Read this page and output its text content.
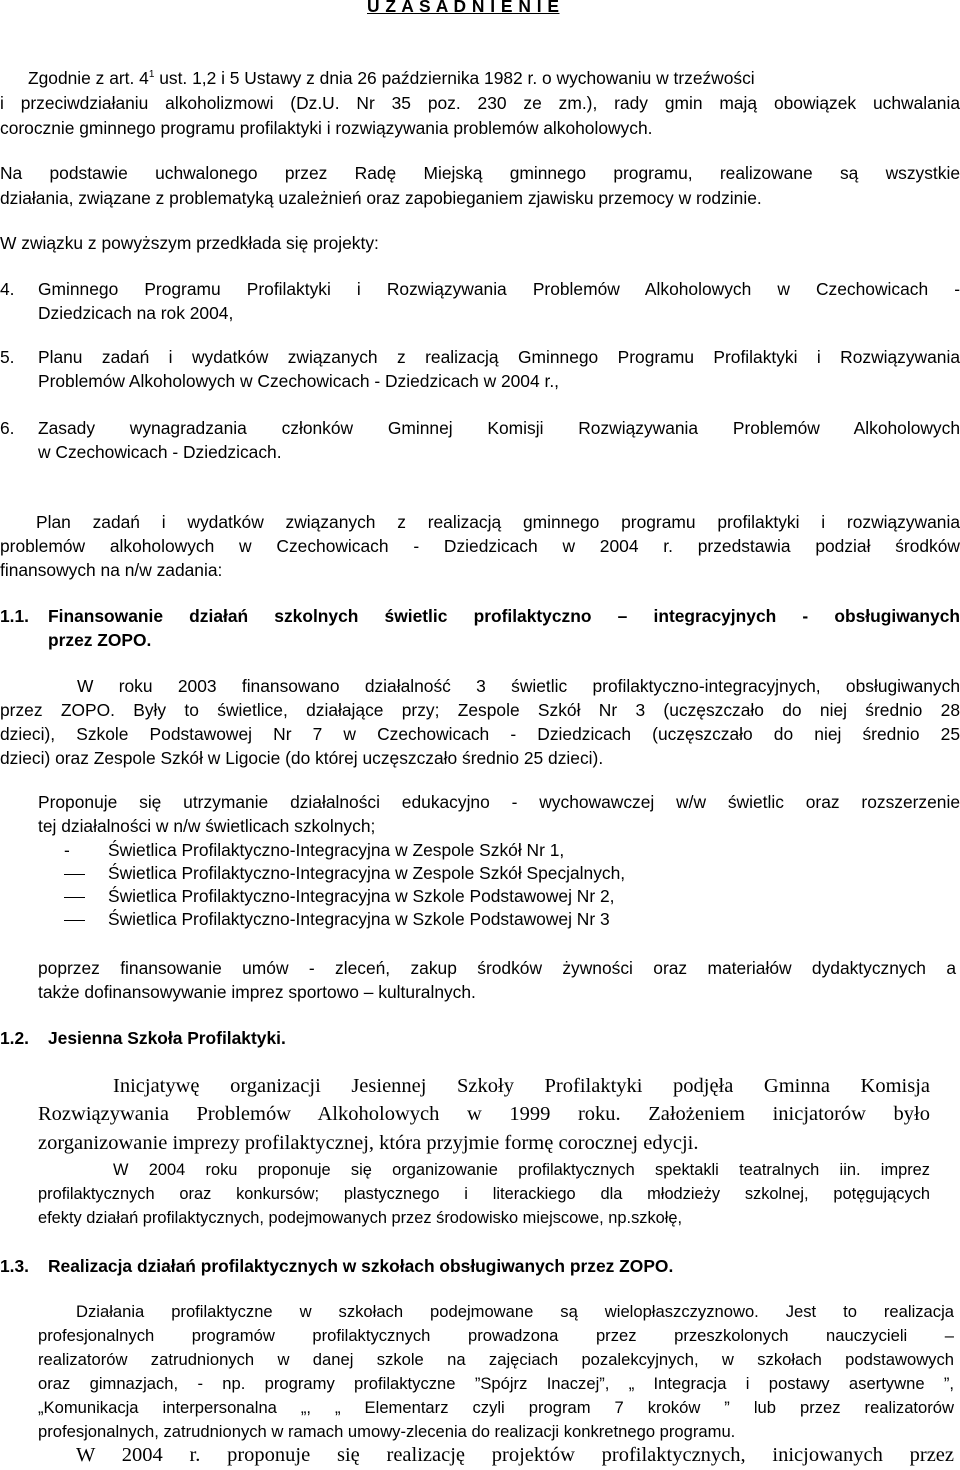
U Z A S A D N I E N I E
Zgodnie z art. $4^1$ ust. 1,2 i 5 Ustawy z dnia 26 października 1982 r. o wychowaniu w trzeźwości
i przeciwdziałaniu alkoholizmowi (Dz.U. Nr 35 poz. 230 ze zm.), rady gmin mają obowiązek uchwalania
corocznie gminnego programu profilaktyki i rozwiązywania problemów alkoholowych.
Na podstawie uchwalonego przez Radę Miejską gminnego programu, realizowane są wszystkie
działania, związane z problematyką uzależnień oraz zapobieganiem zjawisku przemocy w rodzinie.
W związku z powyższym przedkłada się projekty:
4.	Gminnego Programu Profilaktyki i Rozwiązywania Problemów Alkoholowych w Czechowicach -
Dziedzicach na rok 2004,
5.	Planu zadań i wydatków związanych z realizacją Gminnego Programu Profilaktyki i Rozwiązywania
Problemów Alkoholowych w Czechowicach - Dziedzicach w 2004 r.,
6.	Zasady wynagradzania członków Gminnej Komisji Rozwiązywania Problemów Alkoholowych
w Czechowicach - Dziedzicach.
Plan zadań i wydatków związanych z realizacją gminnego programu profilaktyki i rozwiązywania
problemów alkoholowych w Czechowicach - Dziedzicach w 2004 r. przedstawia podział środków
finansowych na n/w zadania:
1.1.	Finansowanie działań szkolnych świetlic profilaktyczno – integracyjnych - obsługiwanych
przez ZOPO.
W roku 2003 finansowano działalność 3 świetlic profilaktyczno-integracyjnych, obsługiwanych
przez ZOPO. Były to świetlice, działające przy; Zespole Szkół Nr 3 (uczęszczało do niej średnio 28
dzieci), Szkole Podstawowej Nr 7 w Czechowicach - Dziedzicach (uczęszczało do niej średnio 25
dzieci) oraz Zespole Szkół w Ligocie (do której uczęszczało średnio 25 dzieci).
Proponuje się utrzymanie działalności edukacyjno - wychowawczej w/w świetlic oraz rozszerzenie
tej działalności w n/w świetlicach szkolnych;
-	Świetlica Profilaktyczno-Integracyjna w Zespole Szkół Nr 1,
Świetlica Profilaktyczno-Integracyjna w Zespole Szkół Specjalnych,
Świetlica Profilaktyczno-Integracyjna w Szkole Podstawowej Nr 2,
Świetlica Profilaktyczno-Integracyjna w Szkole Podstawowej Nr 3
poprzez finansowanie umów - zleceń, zakup środków żywności oraz materiałów dydaktycznych a
także dofinansowywanie imprez sportowo – kulturalnych.
1.2.	Jesienna Szkoła Profilaktyki.
Inicjatywę organizacji Jesiennej Szkoły Profilaktyki podjęła Gminna Komisja
Rozwiązywania Problemów Alkoholowych w 1999 roku. Założeniem inicjatorów było
zorganizowanie imprezy profilaktycznej, która przyjmie formę corocznej edycji.
W 2004 roku proponuje się organizowanie profilaktycznych spektakli teatralnych iin. imprez
profilaktycznych oraz konkursów; plastycznego i literackiego dla młodzieży szkolnej, potęgujących
efekty działań profilaktycznych, podejmowanych przez środowisko miejscowe, np.szkołę,
1.3.	Realizacja działań profilaktycznych w szkołach obsługiwanych przez ZOPO.
Działania profilaktyczne w szkołach podejmowane są wielopłaszczyznowo. Jest to realizacja
profesjonalnych programów profilaktycznych prowadzona przez przeszkolonych nauczycieli –
realizatorów zatrudnionych w danej szkole na zajęciach pozalekcyjnych, w szkołach podstawowych
oraz gimnazjach, - np. programy profilaktyczne ”Spójrz Inaczej”, „ Integracja i postawy asertywne ”,
„Komunikacja interpersonalna „, „ Elementarz czyli program 7 kroków ” lub przez realizatorów
profesjonalnych, zatrudnionych w ramach umowy-zlecenia do realizacji konkretnego programu.
W 2004 r. proponuje się realizację projektów profilaktycznych, inicjowanych przez
